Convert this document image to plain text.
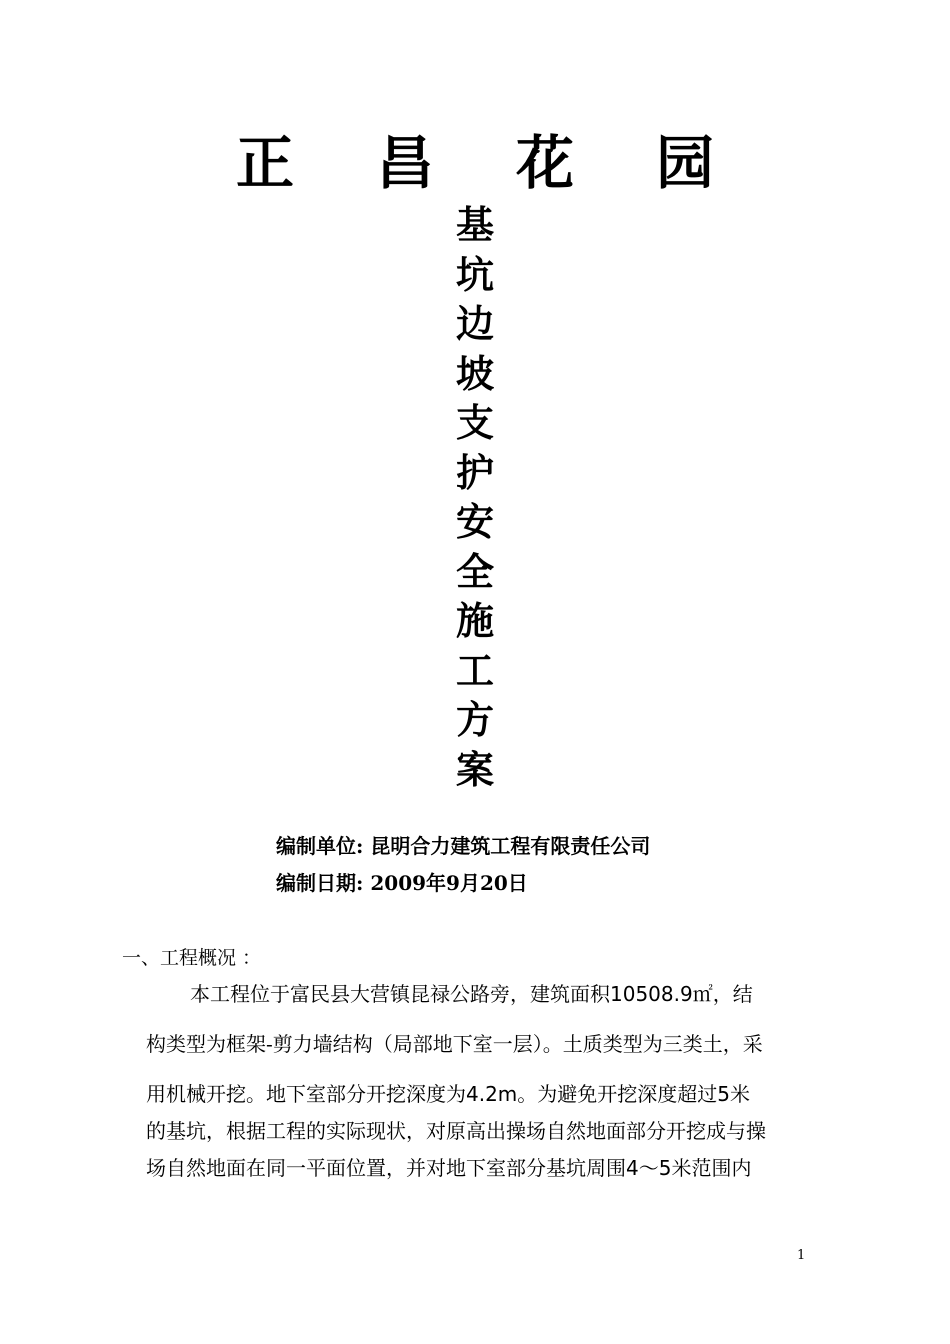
正 昌 花 园
基
坑
边
坡
支
护
安
全
施
工
方
案
编制单位: 昆明合力建筑工程有限责任公司
编制日期: 2009年9月20日
一、工程概况 ：
本工程位于富民县大营镇昆禄公路旁，建筑面积10508.9㎡，结
构类型为框架-剪力墙结构（局部地下室一层）。土质类型为三类土，采
用机械开挖。地下室部分开挖深度为4.2m。为避免开挖深度超过5米
的基坑，根据工程的实际现状，对原高出操场自然地面部分开挖成与操
场自然地面在同一平面位置，并对地下室部分基坑周围4～5米范围内
1
